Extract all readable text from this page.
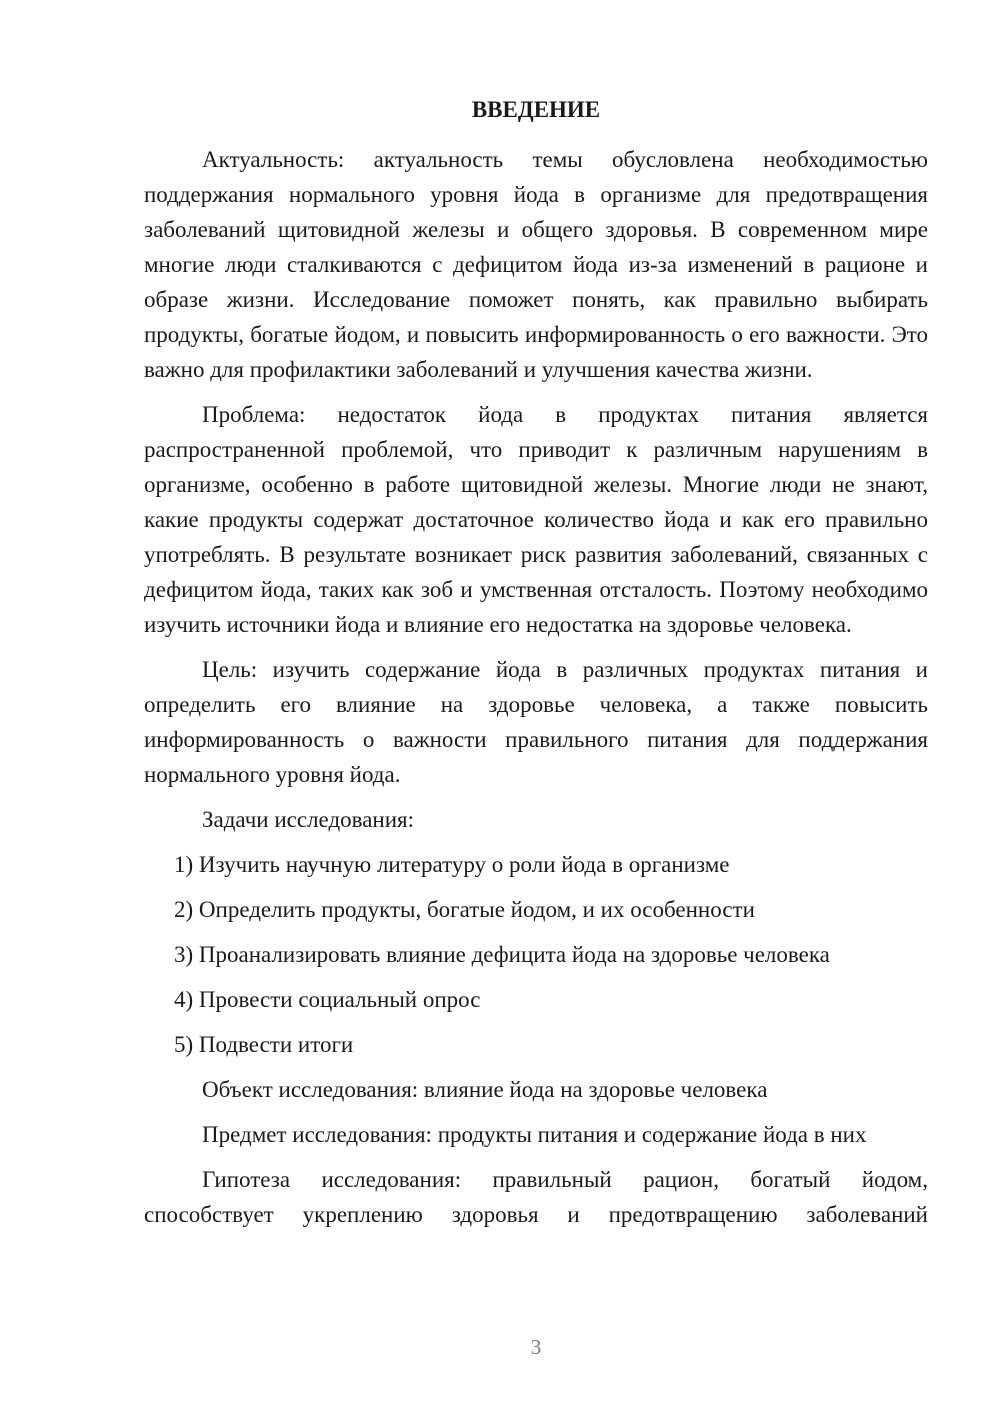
ВВЕДЕНИЕ

Актуальность: актуальность темы обусловлена необходимостью поддержания нормального уровня йода в организме для предотвращения заболеваний щитовидной железы и общего здоровья. В современном мире многие люди сталкиваются с дефицитом йода из-за изменений в рационе и образе жизни. Исследование поможет понять, как правильно выбирать продукты, богатые йодом, и повысить информированность о его важности. Это важно для профилактики заболеваний и улучшения качества жизни.

Проблема: недостаток йода в продуктах питания является распространенной проблемой, что приводит к различным нарушениям в организме, особенно в работе щитовидной железы. Многие люди не знают, какие продукты содержат достаточное количество йода и как его правильно употреблять. В результате возникает риск развития заболеваний, связанных с дефицитом йода, таких как зоб и умственная отсталость. Поэтому необходимо изучить источники йода и влияние его недостатка на здоровье человека.

Цель: изучить содержание йода в различных продуктах питания и определить его влияние на здоровье человека, а также повысить информированность о важности правильного питания для поддержания нормального уровня йода.

Задачи исследования:

1) Изучить научную литературу о роли йода в организме

2) Определить продукты, богатые йодом, и их особенности

3) Проанализировать влияние дефицита йода на здоровье человека

4) Провести социальный опрос

5) Подвести итоги

Объект исследования: влияние йода на здоровье человека

Предмет исследования: продукты питания и содержание йода в них

Гипотеза исследования: правильный рацион, богатый йодом, способствует укреплению здоровья и предотвращению заболеваний

3
